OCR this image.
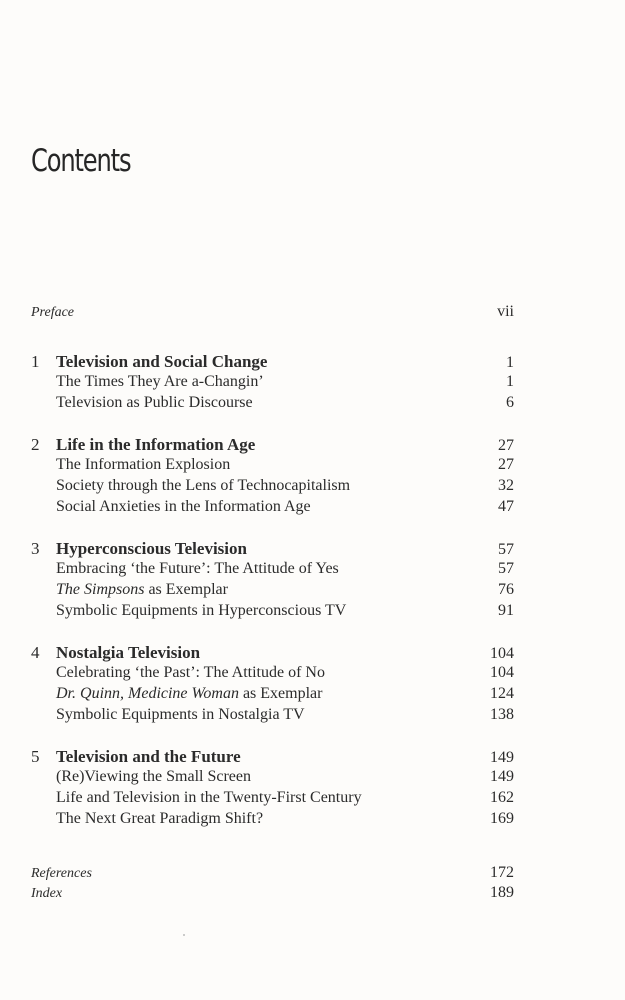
Contents
Preface	vii
1 Television and Social Change	1
The Times They Are a-Changin’	1
Television as Public Discourse	6
2 Life in the Information Age	27
The Information Explosion	27
Society through the Lens of Technocapitalism	32
Social Anxieties in the Information Age	47
3 Hyperconscious Television	57
Embracing ‘the Future’: The Attitude of Yes	57
The Simpsons as Exemplar	76
Symbolic Equipments in Hyperconscious TV	91
4 Nostalgia Television	104
Celebrating ‘the Past’: The Attitude of No	104
Dr. Quinn, Medicine Woman as Exemplar	124
Symbolic Equipments in Nostalgia TV	138
5 Television and the Future	149
(Re)Viewing the Small Screen	149
Life and Television in the Twenty-First Century	162
The Next Great Paradigm Shift?	169
References	172
Index	189
